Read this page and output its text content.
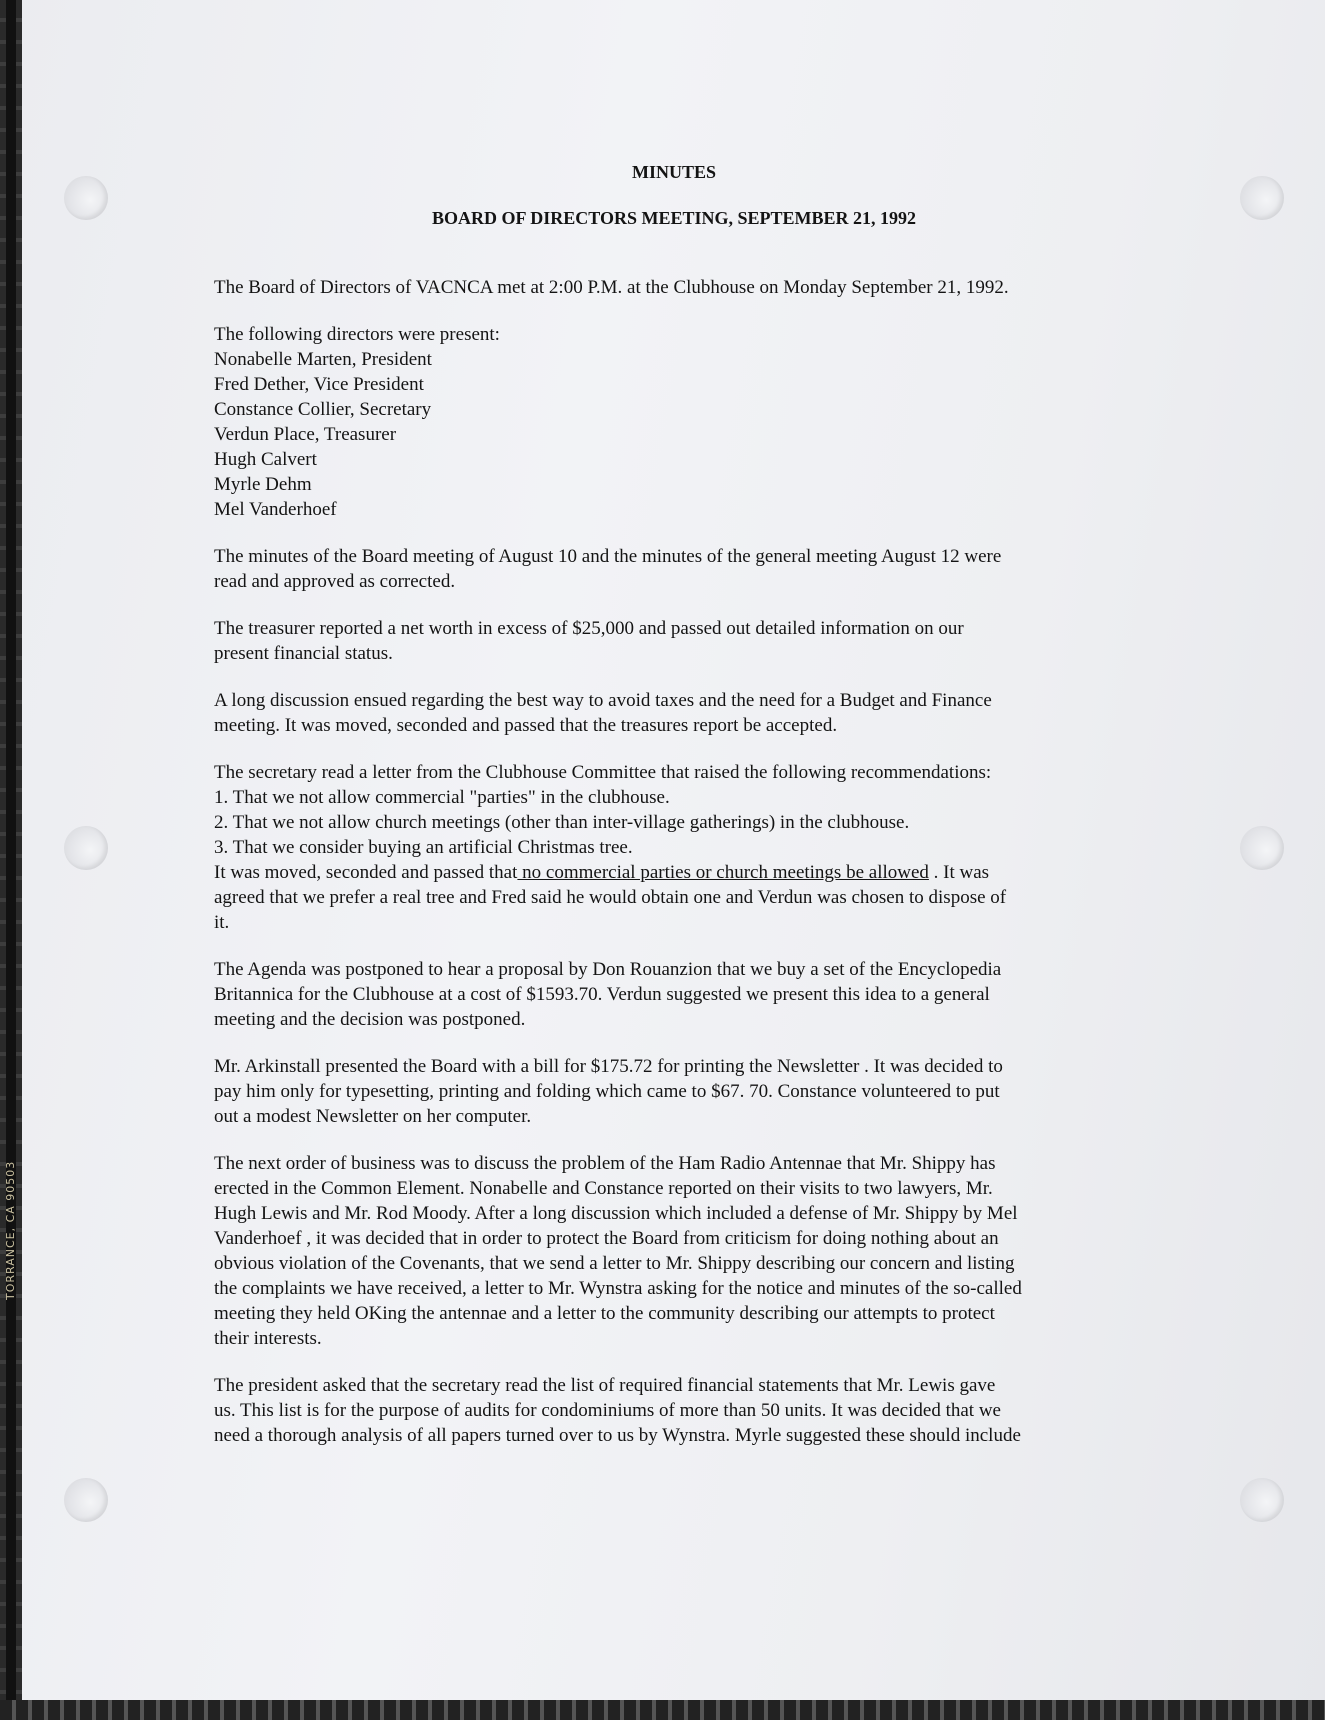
TORRANCE, CA 90503
MINUTES
BOARD OF DIRECTORS MEETING, SEPTEMBER 21, 1992

The Board of Directors of VACNCA met at 2:00 P.M. at the Clubhouse on Monday September 21, 1992.

The following directors were present:
Nonabelle Marten, President
Fred Dether, Vice President
Constance Collier, Secretary
Verdun Place, Treasurer
Hugh Calvert
Myrle Dehm
Mel Vanderhoef

The minutes of the Board meeting of August 10 and the minutes of the general meeting August 12 were
read and approved as corrected.

The treasurer reported a net worth in excess of $25,000 and passed out detailed information on our
present financial status.

A long discussion ensued regarding the best way to avoid taxes and the need for a Budget and Finance
meeting. It was moved, seconded and passed that the treasures report be accepted.

The secretary read a letter from the Clubhouse Committee that raised the following recommendations:
1. That we not allow commercial "parties" in the clubhouse.
2. That we not allow church meetings (other than inter-village gatherings) in the clubhouse.
3. That we consider buying an artificial Christmas tree.
It was moved, seconded and passed that no commercial parties or church meetings be allowed . It was
agreed that we prefer a real tree and Fred said he would obtain one and Verdun was chosen to dispose of
it.

The Agenda was postponed to hear a proposal by Don Rouanzion that we buy a set of the Encyclopedia
Britannica for the Clubhouse at a cost of $1593.70. Verdun suggested we present this idea to a general
meeting and the decision was postponed.

Mr. Arkinstall presented the Board with a bill for $175.72 for printing the Newsletter . It was decided to
pay him only for typesetting, printing and folding which came to $67. 70. Constance volunteered to put
out a modest Newsletter on her computer.

The next order of business was to discuss the problem of the Ham Radio Antennae that Mr. Shippy has
erected in the Common Element. Nonabelle and Constance reported on their visits to two lawyers, Mr.
Hugh Lewis and Mr. Rod Moody. After a long discussion which included a defense of Mr. Shippy by Mel
Vanderhoef , it was decided that in order to protect the Board from criticism for doing nothing about an
obvious violation of the Covenants, that we send a letter to Mr. Shippy describing our concern and listing
the complaints we have received, a letter to Mr. Wynstra asking for the notice and minutes of the so-called
meeting they held OKing the antennae and a letter to the community describing our attempts to protect
their interests.

The president asked that the secretary read the list of required financial statements that Mr. Lewis gave
us. This list is for the purpose of audits for condominiums of more than 50 units. It was decided that we
need a thorough analysis of all papers turned over to us by Wynstra. Myrle suggested these should include
